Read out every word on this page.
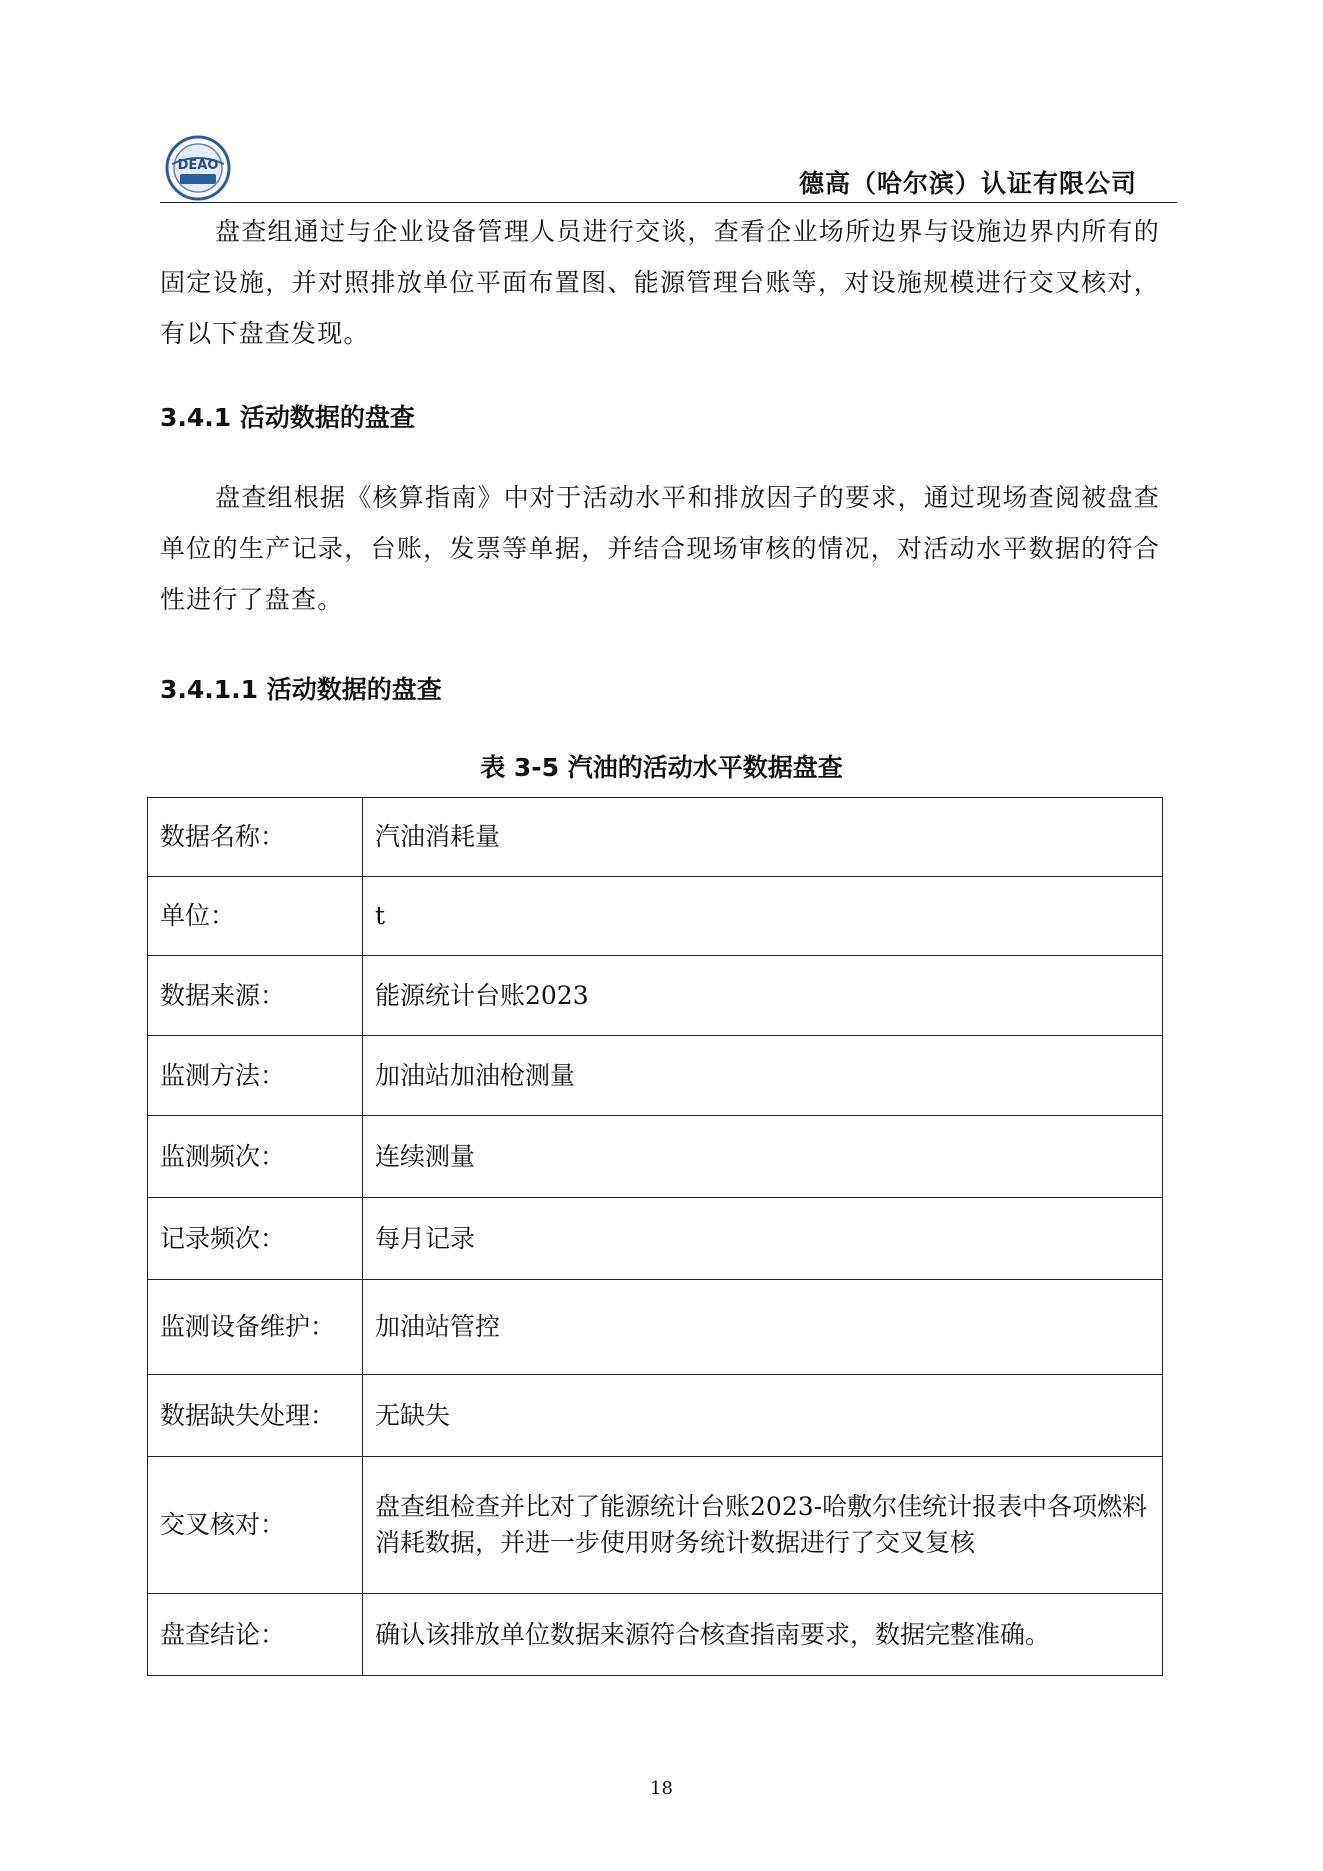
DEAO
德高（哈尔滨）认证有限公司
盘查组通过与企业设备管理人员进行交谈，查看企业场所边界与设施边界内所有的固定设施，并对照排放单位平面布置图、能源管理台账等，对设施规模进行交叉核对，有以下盘查发现。
3.4.1 活动数据的盘查
盘查组根据《核算指南》中对于活动水平和排放因子的要求，通过现场查阅被盘查单位的生产记录，台账，发票等单据，并结合现场审核的情况，对活动水平数据的符合性进行了盘查。
3.4.1.1 活动数据的盘查
表 3-5 汽油的活动水平数据盘查
数据名称：	汽油消耗量
单位：	t
数据来源：	能源统计台账2023
监测方法：	加油站加油枪测量
监测频次：	连续测量
记录频次：	每月记录
监测设备维护：	加油站管控
数据缺失处理：	无缺失
交叉核对：	盘查组检查并比对了能源统计台账2023-哈敷尔佳统计报表中各项燃料消耗数据，并进一步使用财务统计数据进行了交叉复核
盘查结论：	确认该排放单位数据来源符合核查指南要求，数据完整准确。
18
